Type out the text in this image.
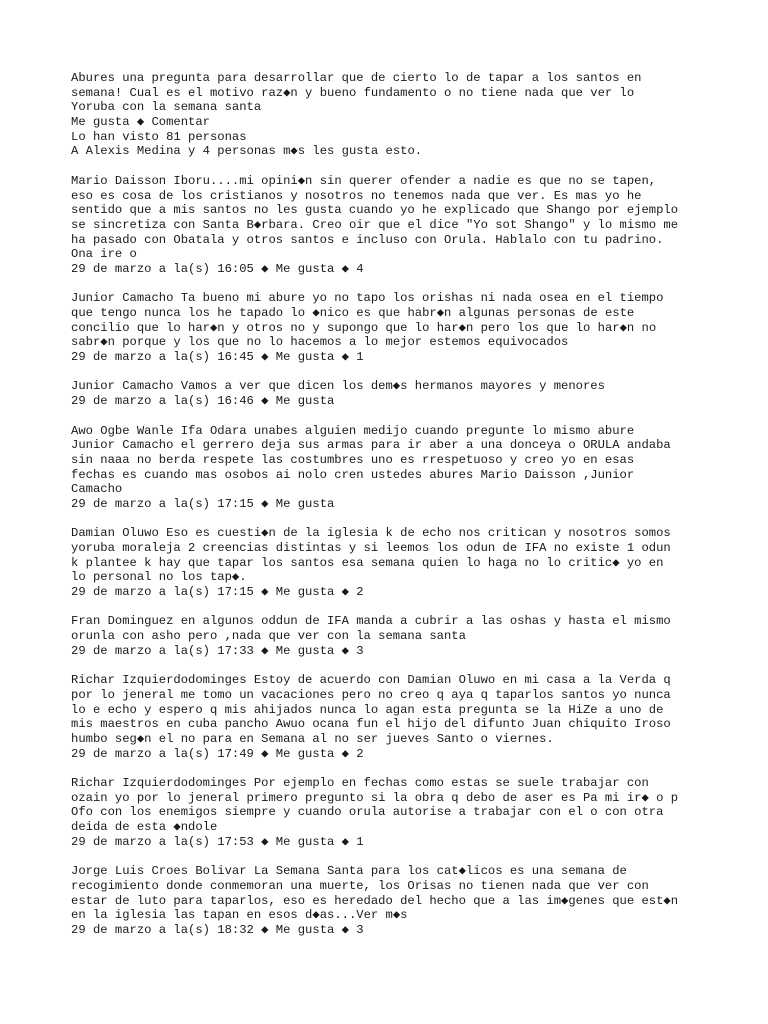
Abures una pregunta para desarrollar que de cierto lo de tapar a los santos en
semana! Cual es el motivo raz◆n y bueno fundamento o no tiene nada que ver lo
Yoruba con la semana santa
Me gusta ◆ Comentar
Lo han visto 81 personas
A Alexis Medina y 4 personas m◆s les gusta esto.
Mario Daisson Iboru....mi opini◆n sin querer ofender a nadie es que no se tapen,
eso es cosa de los cristianos y nosotros no tenemos nada que ver. Es mas yo he
sentido que a mis santos no les gusta cuando yo he explicado que Shango por ejemplo
se sincretiza con Santa B◆rbara. Creo oir que el dice "Yo sot Shango" y lo mismo me
ha pasado con Obatala y otros santos e incluso con Orula. Hablalo con tu padrino.
Ona ire o
29 de marzo a la(s) 16:05 ◆ Me gusta ◆ 4
Junior Camacho Ta bueno mi abure yo no tapo los orishas ni nada osea en el tiempo
que tengo nunca los he tapado lo ◆nico es que habr◆n algunas personas de este
concilio que lo har◆n y otros no y supongo que lo har◆n pero los que lo har◆n no
sabr◆n porque y los que no lo hacemos a lo mejor estemos equivocados
29 de marzo a la(s) 16:45 ◆ Me gusta ◆ 1
Junior Camacho Vamos a ver que dicen los dem◆s hermanos mayores y menores
29 de marzo a la(s) 16:46 ◆ Me gusta
Awo Ogbe Wanle Ifa Odara unabes alguien medijo cuando pregunte lo mismo abure
Junior Camacho el gerrero deja sus armas para ir aber a una donceya o ORULA andaba
sin naaa no berda respete las costumbres uno es rrespetuoso y creo yo en esas
fechas es cuando mas osobos ai nolo cren ustedes abures Mario Daisson ,Junior
Camacho
29 de marzo a la(s) 17:15 ◆ Me gusta
Damian Oluwo Eso es cuesti◆n de la iglesia k de echo nos critican y nosotros somos
yoruba moraleja 2 creencias distintas y si leemos los odun de IFA no existe 1 odun
k plantee k hay que tapar los santos esa semana quien lo haga no lo critic◆ yo en
lo personal no los tap◆.
29 de marzo a la(s) 17:15 ◆ Me gusta ◆ 2
Fran Dominguez en algunos oddun de IFA manda a cubrir a las oshas y hasta el mismo
orunla con asho pero ,nada que ver con la semana santa
29 de marzo a la(s) 17:33 ◆ Me gusta ◆ 3
Richar Izquierdodominges Estoy de acuerdo con Damian Oluwo en mi casa a la Verda q
por lo jeneral me tomo un vacaciones pero no creo q aya q taparlos santos yo nunca
lo e echo y espero q mis ahijados nunca lo agan esta pregunta se la HiZe a uno de
mis maestros en cuba pancho Awuo ocana fun el hijo del difunto Juan chiquito Iroso
humbo seg◆n el no para en Semana al no ser jueves Santo o viernes.
29 de marzo a la(s) 17:49 ◆ Me gusta ◆ 2
Richar Izquierdodominges Por ejemplo en fechas como estas se suele trabajar con
ozain yo por lo jeneral primero pregunto si la obra q debo de aser es Pa mi ir◆ o p
Ofo con los enemigos siempre y cuando orula autorise a trabajar con el o con otra
deida de esta ◆ndole
29 de marzo a la(s) 17:53 ◆ Me gusta ◆ 1
Jorge Luis Croes Bolivar La Semana Santa para los cat◆licos es una semana de
recogimiento donde conmemoran una muerte, los Orisas no tienen nada que ver con
estar de luto para taparlos, eso es heredado del hecho que a las im◆genes que est◆n
en la iglesia las tapan en esos d◆as...Ver m◆s
29 de marzo a la(s) 18:32 ◆ Me gusta ◆ 3
